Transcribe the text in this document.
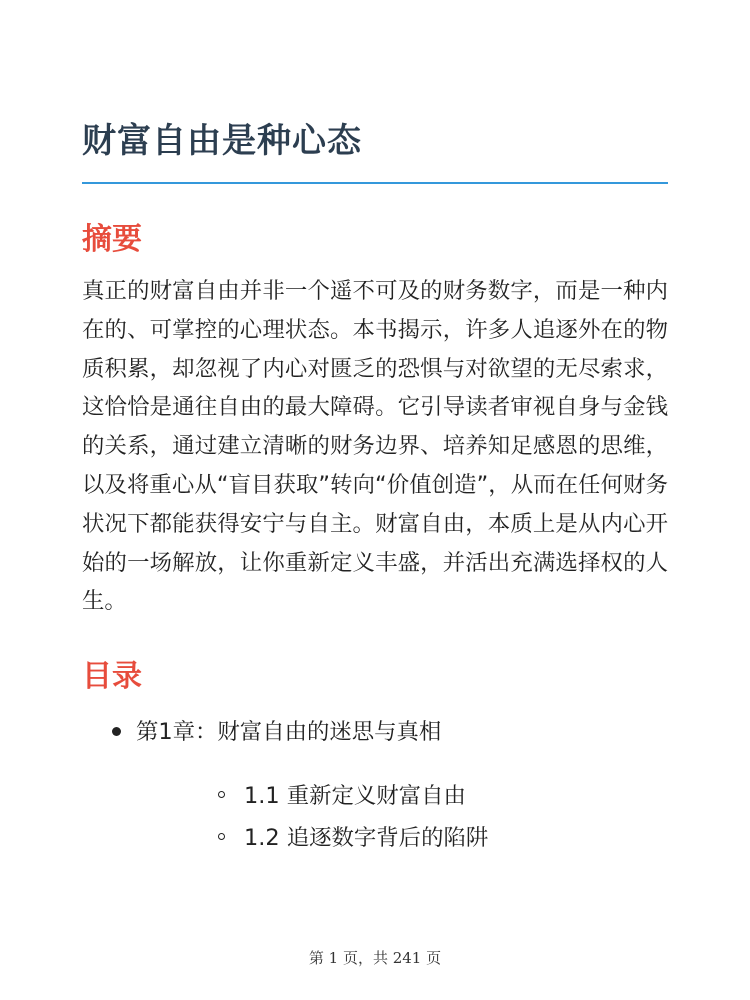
财富自由是种心态
摘要

真正的财富自由并非一个遥不可及的财务数字，而是一种内在的、可掌控的心理状态。本书揭示，许多人追逐外在的物质积累，却忽视了内心对匮乏的恐惧与对欲望的无尽索求，这恰恰是通往自由的最大障碍。它引导读者审视自身与金钱的关系，通过建立清晰的财务边界、培养知足感恩的思维，以及将重心从“盲目获取”转向“价值创造”，从而在任何财务状况下都能获得安宁与自主。财富自由，本质上是从内心开始的一场解放，让你重新定义丰盛，并活出充满选择权的人生。

目录
第1章：财富自由的迷思与真相
1.1 重新定义财富自由
1.2 追逐数字背后的陷阱
第 1 页，共 241 页
